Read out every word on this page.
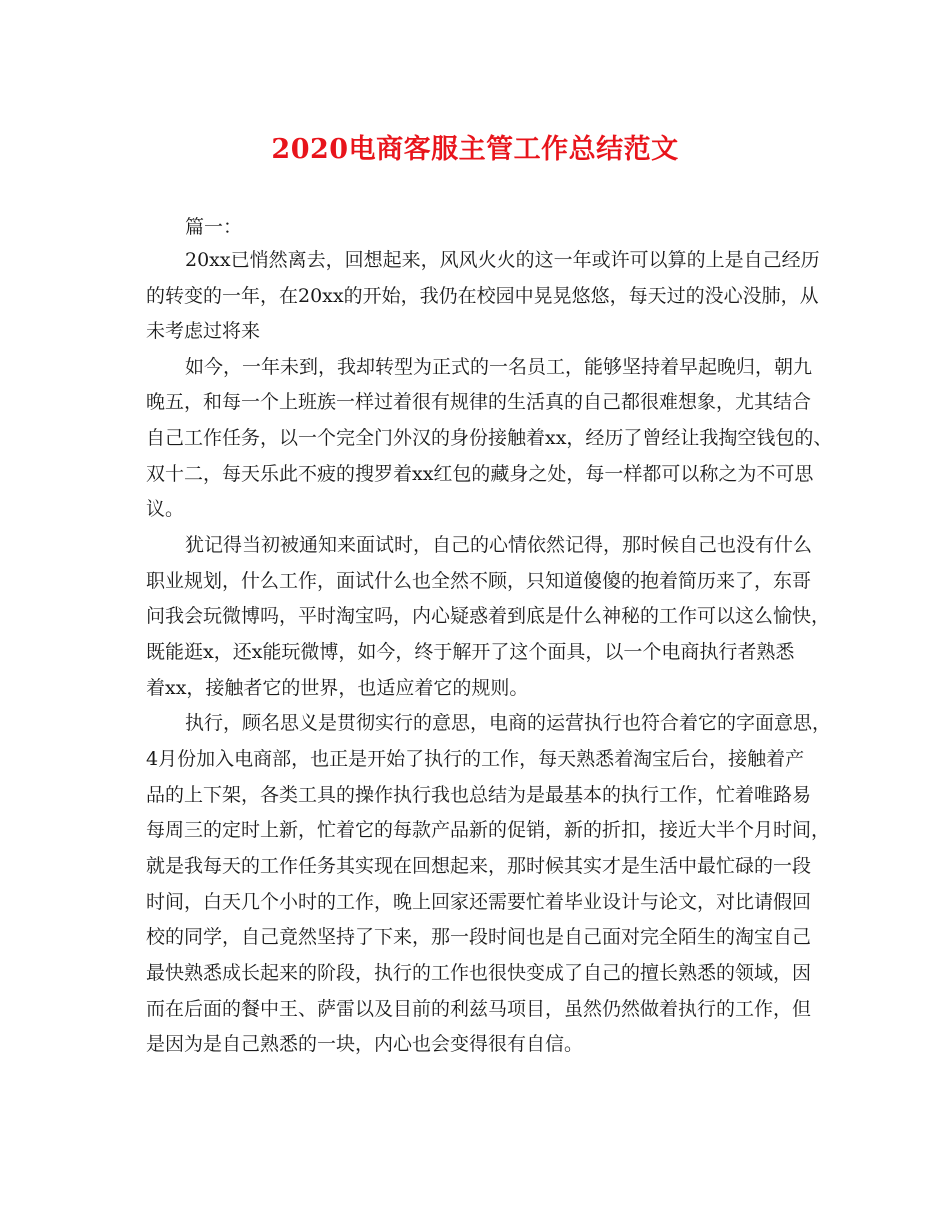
2020电商客服主管工作总结范文
篇一：
20xx已悄然离去，回想起来，风风火火的这一年或许可以算的上是自己经历
的转变的一年，在20xx的开始，我仍在校园中晃晃悠悠，每天过的没心没肺，从
未考虑过将来
如今，一年未到，我却转型为正式的一名员工，能够坚持着早起晚归，朝九
晚五，和每一个上班族一样过着很有规律的生活真的自己都很难想象，尤其结合
自己工作任务，以一个完全门外汉的身份接触着xx，经历了曾经让我掏空钱包的、
双十二，每天乐此不疲的搜罗着xx红包的藏身之处，每一样都可以称之为不可思
议。
犹记得当初被通知来面试时，自己的心情依然记得，那时候自己也没有什么
职业规划，什么工作，面试什么也全然不顾，只知道傻傻的抱着简历来了，东哥
问我会玩微博吗，平时淘宝吗，内心疑惑着到底是什么神秘的工作可以这么愉快，
既能逛x，还x能玩微博，如今，终于解开了这个面具，以一个电商执行者熟悉
着xx，接触者它的世界，也适应着它的规则。
执行，顾名思义是贯彻实行的意思，电商的运营执行也符合着它的字面意思，
4月份加入电商部，也正是开始了执行的工作，每天熟悉着淘宝后台，接触着产
品的上下架，各类工具的操作执行我也总结为是最基本的执行工作，忙着唯路易
每周三的定时上新，忙着它的每款产品新的促销，新的折扣，接近大半个月时间，
就是我每天的工作任务其实现在回想起来，那时候其实才是生活中最忙碌的一段
时间，白天几个小时的工作，晚上回家还需要忙着毕业设计与论文，对比请假回
校的同学，自己竟然坚持了下来，那一段时间也是自己面对完全陌生的淘宝自己
最快熟悉成长起来的阶段，执行的工作也很快变成了自己的擅长熟悉的领域，因
而在后面的餐中王、萨雷以及目前的利兹马项目，虽然仍然做着执行的工作，但
是因为是自己熟悉的一块，内心也会变得很有自信。
